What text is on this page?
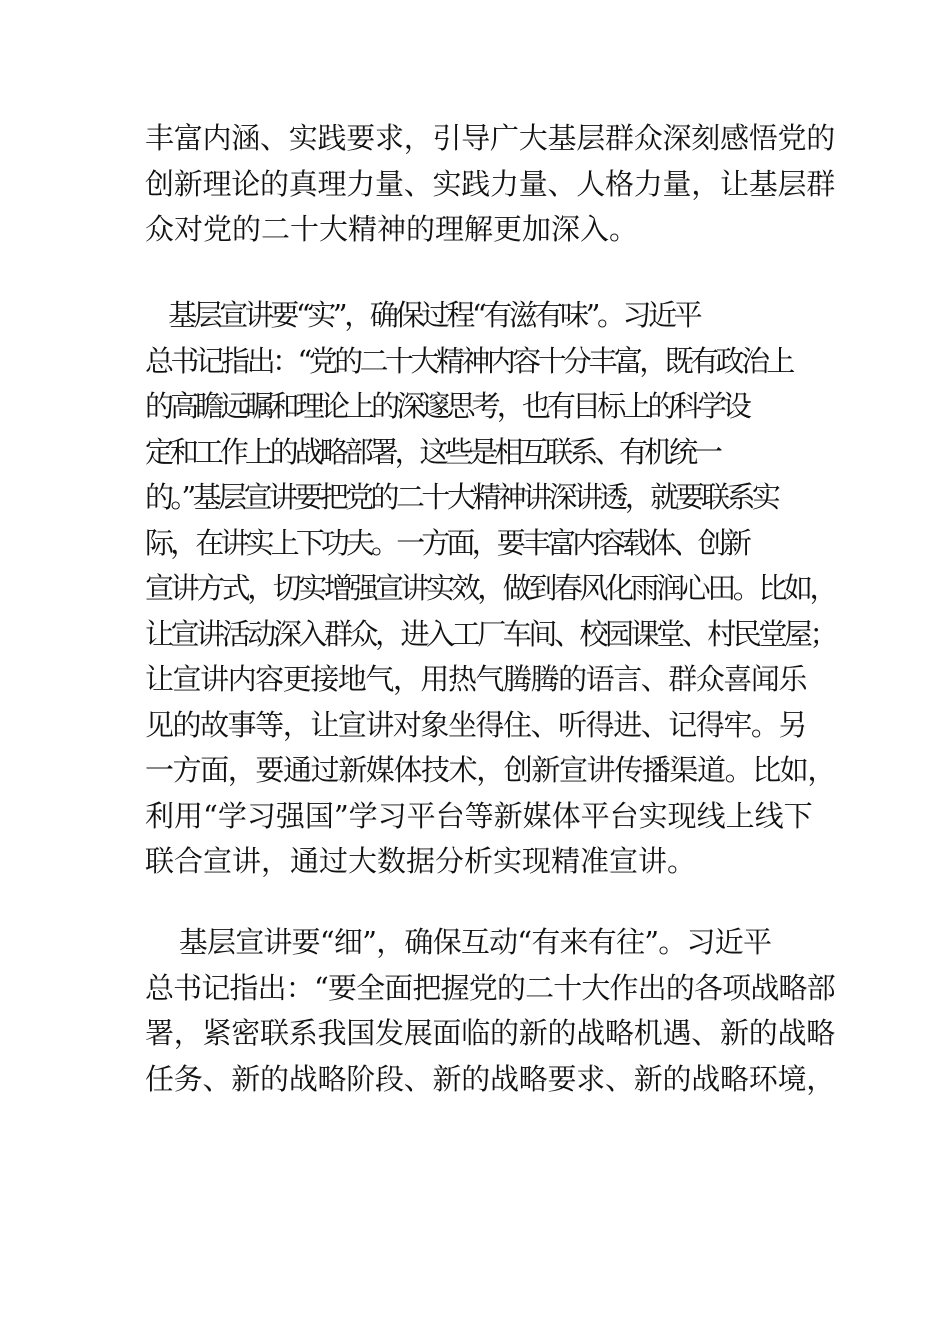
丰富内涵、实践要求，引导广大基层群众深刻感悟党的
创新理论的真理力量、实践力量、人格力量，让基层群
众对党的二十大精神的理解更加深入。
基层宣讲要“实”，确保过程“有滋有味”。习近平
总书记指出：“党的二十大精神内容十分丰富，既有政治上
的高瞻远瞩和理论上的深邃思考，也有目标上的科学设
定和工作上的战略部署，这些是相互联系、有机统一
的。”基层宣讲要把党的二十大精神讲深讲透，就要联系实
际，在讲实上下功夫。一方面，要丰富内容载体、创新
宣讲方式，切实增强宣讲实效，做到春风化雨润心田。比如，
让宣讲活动深入群众，进入工厂车间、校园课堂、村民堂屋；
让宣讲内容更接地气，用热气腾腾的语言、群众喜闻乐
见的故事等，让宣讲对象坐得住、听得进、记得牢。另
一方面，要通过新媒体技术，创新宣讲传播渠道。比如，
利用“学习强国”学习平台等新媒体平台实现线上线下
联合宣讲，通过大数据分析实现精准宣讲。
基层宣讲要“细”，确保互动“有来有往”。习近平
总书记指出：“要全面把握党的二十大作出的各项战略部
署，紧密联系我国发展面临的新的战略机遇、新的战略
任务、新的战略阶段、新的战略要求、新的战略环境，
